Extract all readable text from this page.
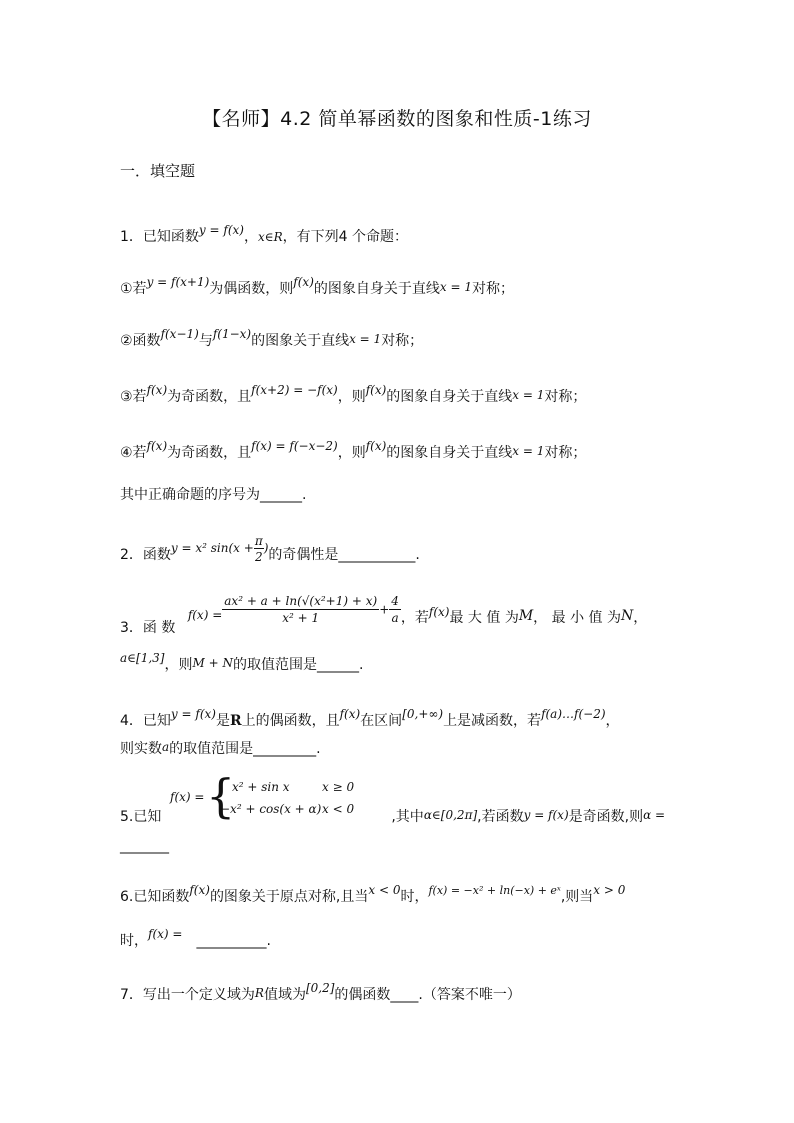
【名师】4.2 简单幂函数的图象和性质-1练习
一．填空题
1．已知函数y = f(x)，x∈R，有下列4 个命题：
①若y = f(x+1)为偶函数，则f(x)的图象自身关于直线x = 1对称；
②函数f(x−1)与f(1−x)的图象关于直线x = 1对称；
③若f(x)为奇函数，且f(x+2) = −f(x)，则f(x)的图象自身关于直线x = 1对称；
④若f(x)为奇函数，且f(x) = f(−x−2)，则f(x)的图象自身关于直线x = 1对称；
其中正确命题的序号为______.
2．函数y = x² $\sin(x + \frac{\pi}{2}$ )的奇偶性是___________.
3．函 数 $f(x) = \frac{\text{ax² + a + ln(√(x²+1) + x)}}{\text{x² + 1}} + \frac{4}{a}$ ，若f(x)最 大 值 为M， 最 小 值 为N，
a∈[1,3]，则M + N的取值范围是______.
4．已知y = f(x)是R上的偶函数，且f(x)在区间[0,+∞)上是减函数，若f(a)…f(−2)，
则实数a的取值范围是_________.
f(x) = {
x² + sin x	x ≥ 0
−x² + cos(x + α) x < 0
5.已知	,其中α∈[0,2π],若函数y = f(x)是奇函数,则α =
_______
6.已知函数f(x)的图象关于原点对称,且当x < 0时，$^{f(x) = -x^2 + ln(-x) + eˣ}$,则当x > 0
时，f(x) = __________.
7．写出一个定义域为R值域为[0,2]的偶函数____.（答案不唯一）
